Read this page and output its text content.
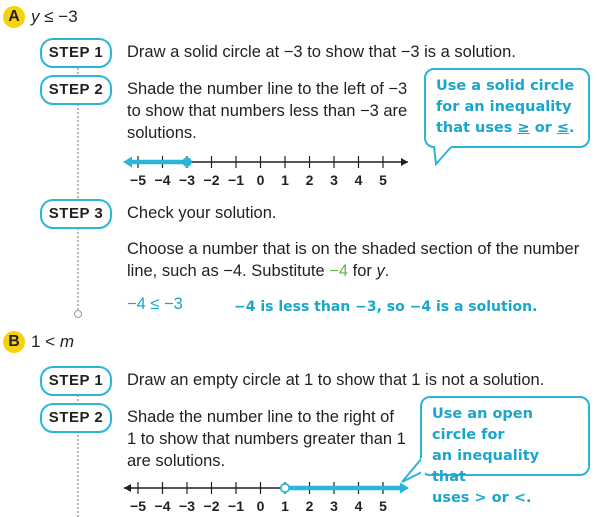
A y ≤ −3
STEP 1	Draw a solid circle at −3 to show that −3 is a solution.
STEP 2	Shade the number line to the left of −3
to show that numbers less than −3 are
solutions.
Use a solid circle
for an inequality
that uses ≥ or ≤.
−5 −4 −3 −2 −1 0 1 2 3 4 5
STEP 3	Check your solution.
Choose a number that is on the shaded section of the number
line, such as −4. Substitute −4 for y.
−4 ≤ −3	−4 is less than −3, so −4 is a solution.
B 1 < m
STEP 1	Draw an empty circle at 1 to show that 1 is not a solution.
STEP 2	Shade the number line to the right of
1 to show that numbers greater than 1
are solutions.
Use an open circle for
an inequality that
uses > or <.
−5 −4 −3 −2 −1 0 1 2 3 4 5
